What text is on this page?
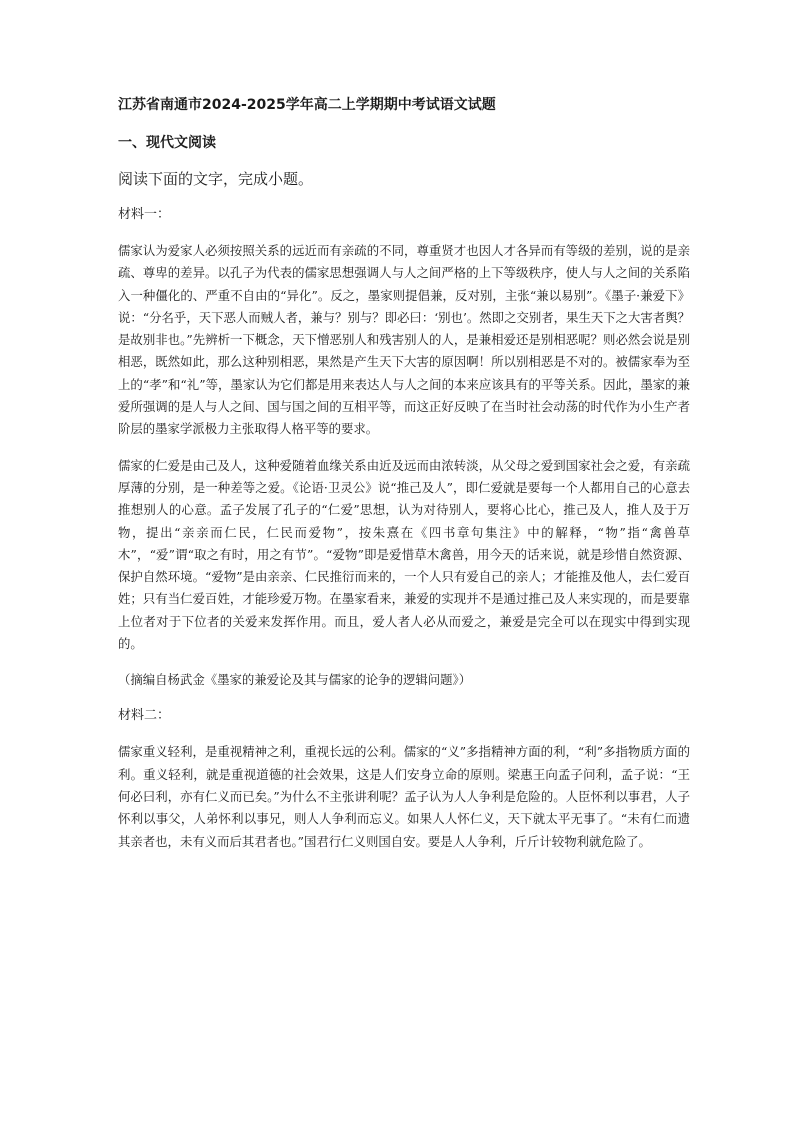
江苏省南通市2024-2025学年高二上学期期中考试语文试题

一、现代文阅读

阅读下面的文字，完成小题。

材料一：

儒家认为爱家人必须按照关系的远近而有亲疏的不同，尊重贤才也因人才各异而有等级的差别，说的是亲疏、尊卑的差异。以孔子为代表的儒家思想强调人与人之间严格的上下等级秩序，使人与人之间的关系陷入一种僵化的、严重不自由的“异化”。反之，墨家则提倡兼，反对别，主张“兼以易别”。《墨子·兼爱下》说：“分名乎，天下恶人而贼人者，兼与？别与？即必曰：‘别也’。然即之交别者，果生天下之大害者舆？是故别非也。”先辨析一下概念，天下憎恶别人和残害别人的人，是兼相爱还是别相恶呢？则必然会说是别相恶，既然如此，那么这种别相恶，果然是产生天下大害的原因啊！所以别相恶是不对的。被儒家奉为至上的“孝”和“礼”等，墨家认为它们都是用来表达人与人之间的本来应该具有的平等关系。因此，墨家的兼爱所强调的是人与人之间、国与国之间的互相平等，而这正好反映了在当时社会动荡的时代作为小生产者阶层的墨家学派极力主张取得人格平等的要求。

儒家的仁爱是由己及人，这种爱随着血缘关系由近及远而由浓转淡，从父母之爱到国家社会之爱，有亲疏厚薄的分别，是一种差等之爱。《论语·卫灵公》说“推己及人”，即仁爱就是要每一个人都用自己的心意去推想别人的心意。孟子发展了孔子的“仁爱”思想，认为对待别人，要将心比心，推己及人，推人及于万物，提出“亲亲而仁民，仁民而爱物”，按朱熹在《四书章句集注》中的解释，“物”指“禽兽草木”，“爱”谓“取之有时，用之有节”。“爱物”即是爱惜草木禽兽，用今天的话来说，就是珍惜自然资源、保护自然环境。“爱物”是由亲亲、仁民推衍而来的，一个人只有爱自己的亲人；才能推及他人，去仁爱百姓；只有当仁爱百姓，才能珍爱万物。在墨家看来，兼爱的实现并不是通过推己及人来实现的，而是要靠上位者对于下位者的关爱来发挥作用。而且，爱人者人必从而爱之，兼爱是完全可以在现实中得到实现的。

（摘编自杨武金《墨家的兼爱论及其与儒家的论争的逻辑问题》）

材料二：

儒家重义轻利，是重视精神之利，重视长远的公利。儒家的“义”多指精神方面的利，“利”多指物质方面的利。重义轻利，就是重视道德的社会效果，这是人们安身立命的原则。梁惠王向孟子问利，孟子说：“王何必曰利，亦有仁义而已矣。”为什么不主张讲利呢？孟子认为人人争利是危险的。人臣怀利以事君，人子怀利以事父，人弟怀利以事兄，则人人争利而忘义。如果人人怀仁义，天下就太平无事了。“未有仁而遗其亲者也，未有义而后其君者也。”国君行仁义则国自安。要是人人争利，斤斤计较物利就危险了。
